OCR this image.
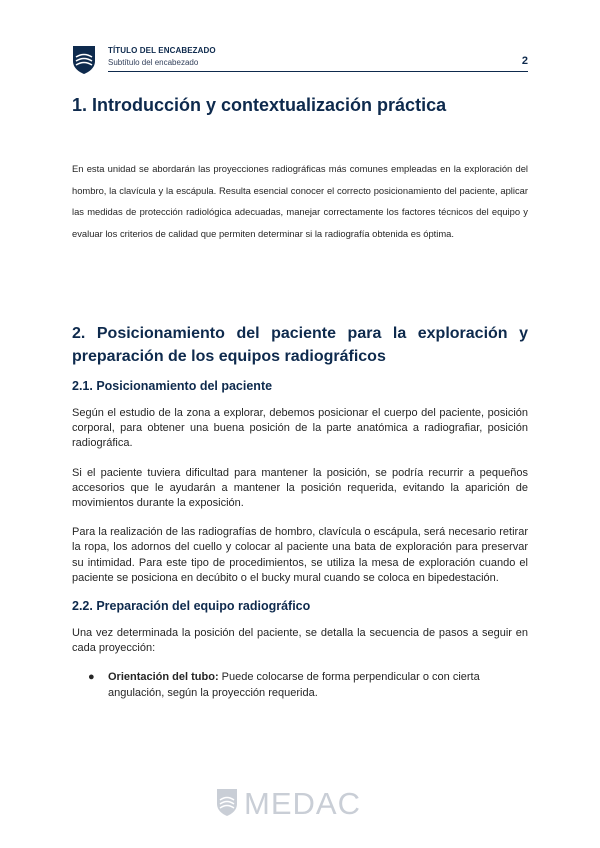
TÍTULO DEL ENCABEZADO
Subtítulo del encabezado	2
1. Introducción y contextualización práctica

En esta unidad se abordarán las proyecciones radiográficas más comunes empleadas en la exploración del hombro, la clavícula y la escápula. Resulta esencial conocer el correcto posicionamiento del paciente, aplicar las medidas de protección radiológica adecuadas, manejar correctamente los factores técnicos del equipo y evaluar los criterios de calidad que permiten determinar si la radiografía obtenida es óptima.

2. Posicionamiento del paciente para la exploración y preparación de los equipos radiográficos
2.1. Posicionamiento del paciente

Según el estudio de la zona a explorar, debemos posicionar el cuerpo del paciente, posición corporal, para obtener una buena posición de la parte anatómica a radiografiar, posición radiográfica.

Si el paciente tuviera dificultad para mantener la posición, se podría recurrir a pequeños accesorios que le ayudarán a mantener la posición requerida, evitando la aparición de movimientos durante la exposición.

Para la realización de las radiografías de hombro, clavícula o escápula, será necesario retirar la ropa, los adornos del cuello y colocar al paciente una bata de exploración para preservar su intimidad. Para este tipo de procedimientos, se utiliza la mesa de exploración cuando el paciente se posiciona en decúbito o el bucky mural cuando se coloca en bipedestación.

2.2. Preparación del equipo radiográfico

Una vez determinada la posición del paciente, se detalla la secuencia de pasos a seguir en cada proyección:

● Orientación del tubo: Puede colocarse de forma perpendicular o con cierta angulación, según la proyección requerida.
MEDAC
